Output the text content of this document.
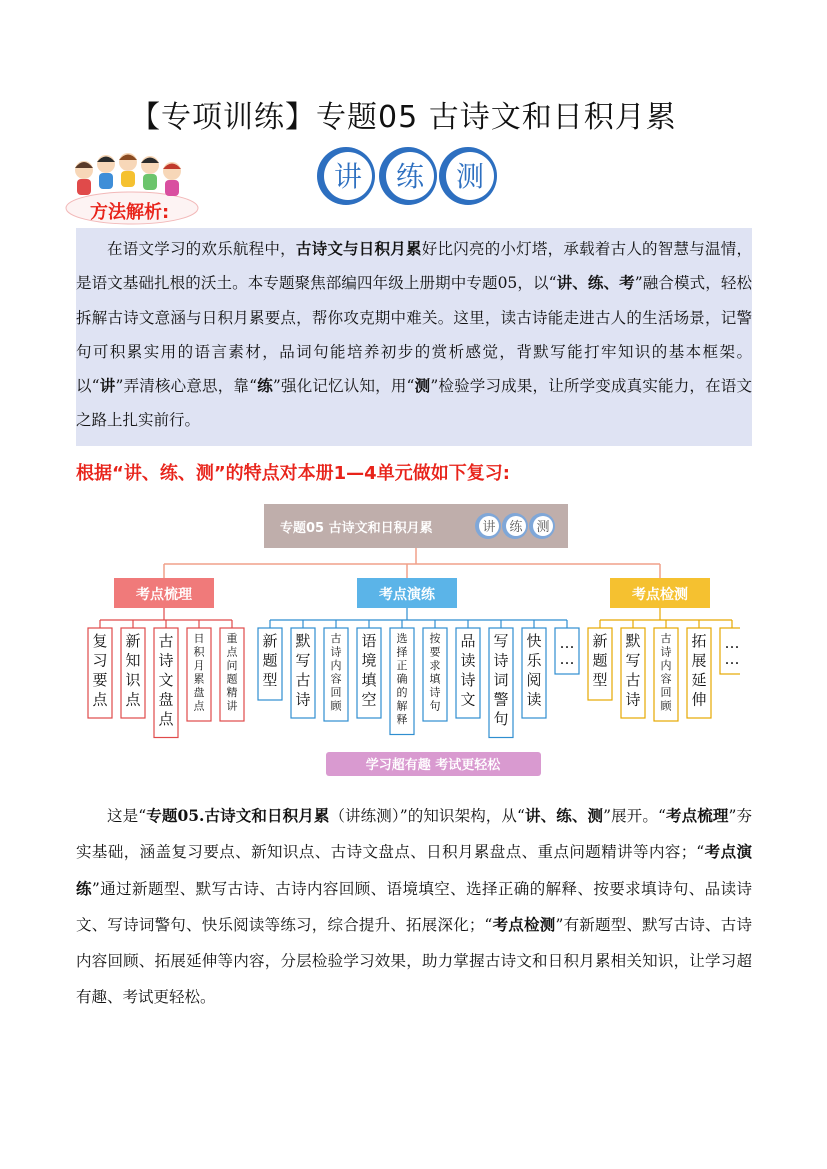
【专项训练】专题05 古诗文和日积月累
讲 练 测
方法解析:

在语文学习的欢乐航程中，古诗文与日积月累好比闪亮的小灯塔，承载着古人的智慧与温情，是语文基础扎根的沃土。本专题聚焦部编四年级上册期中专题05，以“讲、练、考”融合模式，轻松拆解古诗文意涵与日积月累要点，帮你攻克期中难关。这里，读古诗能走进古人的生活场景，记警句可积累实用的语言素材，品词句能培养初步的赏析感觉，背默写能打牢知识的基本框架。以“讲”弄清核心意思，靠“练”强化记忆认知，用“测”检验学习成果，让所学变成真实能力，在语文之路上扎实前行。

根据“讲、练、测”的特点对本册1—4单元做如下复习:
专题05 古诗文和日积月累	讲 练 测
考点梳理	考点演练	考点检测
复习要点
新知识点
古诗文盘点
日积月累盘点
重点问题精讲
新题型
默写古诗
古诗内容回顾
语境填空
选择正确的解释
按要求填诗句
品读诗文
写诗词警句
快乐阅读
… …
新题型
默写古诗
古诗内容回顾
拓展延伸
… …
学习超有趣 考试更轻松

这是“专题05.古诗文和日积月累（讲练测）”的知识架构，从“讲、练、测”展开。“考点梳理”夯实基础，涵盖复习要点、新知识点、古诗文盘点、日积月累盘点、重点问题精讲等内容；“考点演练”通过新题型、默写古诗、古诗内容回顾、语境填空、选择正确的解释、按要求填诗句、品读诗文、写诗词警句、快乐阅读等练习，综合提升、拓展深化；“考点检测”有新题型、默写古诗、古诗内容回顾、拓展延伸等内容，分层检验学习效果，助力掌握古诗文和日积月累相关知识，让学习超有趣、考试更轻松。
